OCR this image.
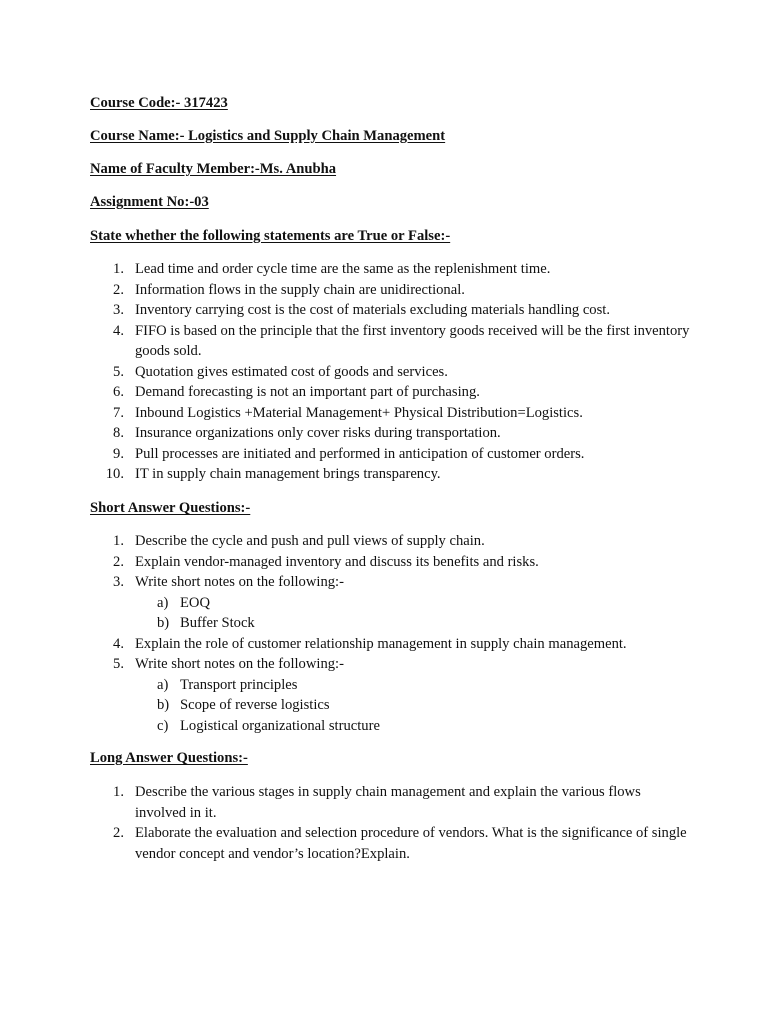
Course Code:- 317423

Course Name:- Logistics and Supply Chain Management

Name of Faculty Member:-Ms. Anubha

Assignment No:-03

State whether the following statements are True or False:-

1. Lead time and order cycle time are the same as the replenishment time.
2. Information flows in the supply chain are unidirectional.
3. Inventory carrying cost is the cost of materials excluding materials handling cost.
4. FIFO is based on the principle that the first inventory goods received will be the first inventory goods sold.
5. Quotation gives estimated cost of goods and services.
6. Demand forecasting is not an important part of purchasing.
7. Inbound Logistics +Material Management+ Physical Distribution=Logistics.
8. Insurance organizations only cover risks during transportation.
9. Pull processes are initiated and performed in anticipation of customer orders.
10. IT in supply chain management brings transparency.

Short Answer Questions:-

1. Describe the cycle and push and pull views of supply chain.
2. Explain vendor-managed inventory and discuss its benefits and risks.
3. Write short notes on the following:-
a) EOQ
b) Buffer Stock
4. Explain the role of customer relationship management in supply chain management.
5. Write short notes on the following:-
a) Transport principles
b) Scope of reverse logistics
c) Logistical organizational structure

Long Answer Questions:-

1. Describe the various stages in supply chain management and explain the various flows involved in it.
2. Elaborate the evaluation and selection procedure of vendors. What is the significance of single vendor concept and vendor’s location?Explain.
